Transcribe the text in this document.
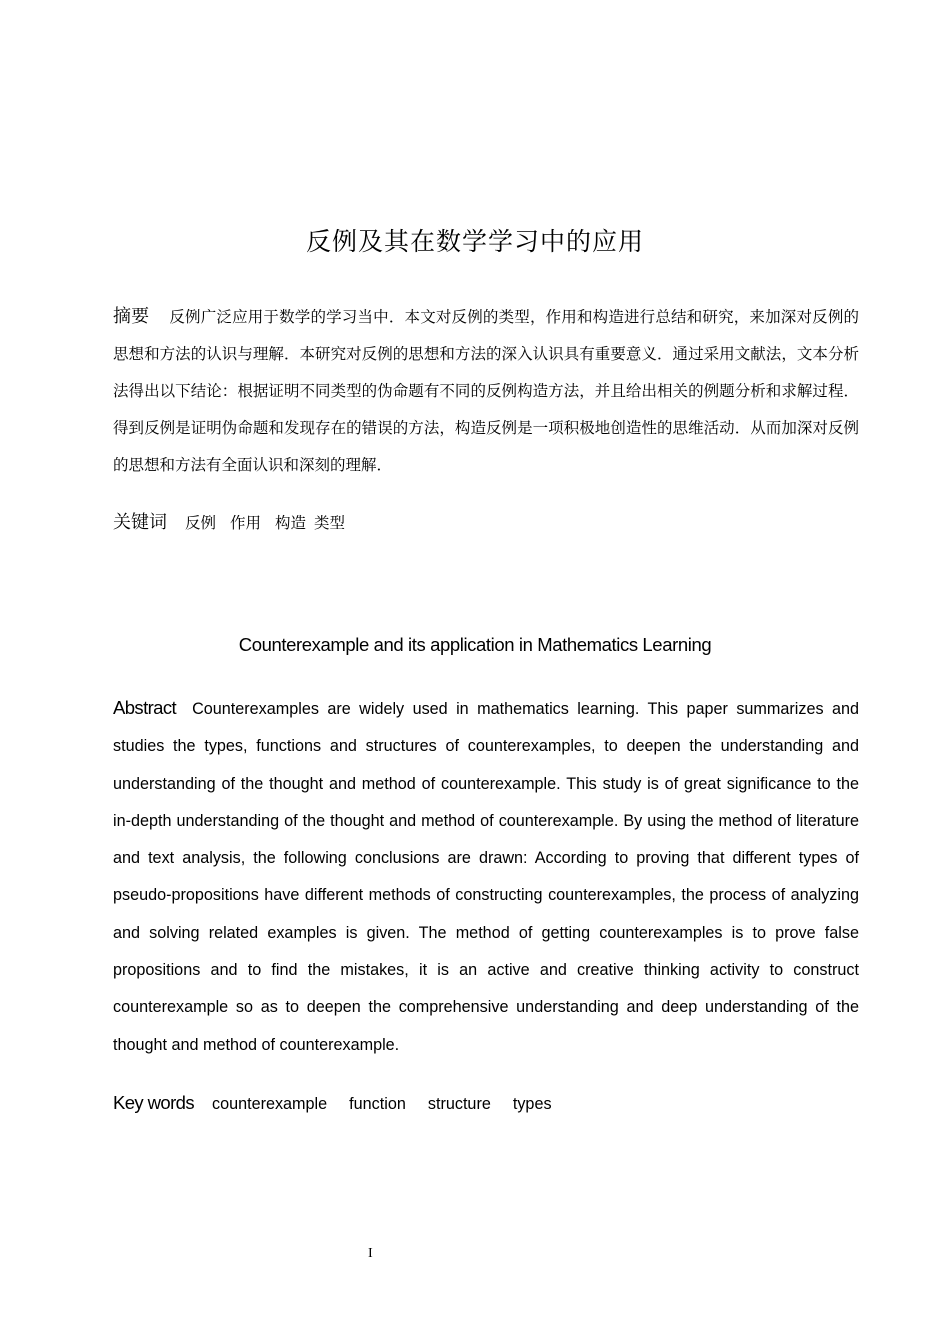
反例及其在数学学习中的应用

摘要 反例广泛应用于数学的学习当中．本文对反例的类型，作用和构造进行总结和研究，来加深对反例的思想和方法的认识与理解．本研究对反例的思想和方法的深入认识具有重要意义．通过采用文献法，文本分析法得出以下结论：根据证明不同类型的伪命题有不同的反例构造方法，并且给出相关的例题分析和求解过程．得到反例是证明伪命题和发现存在的错误的方法，构造反例是一项积极地创造性的思维活动．从而加深对反例的思想和方法有全面认识和深刻的理解．

关键词 反例 作用 构造 类型

Counterexample and its application in Mathematics Learning

Abstract Counterexamples are widely used in mathematics learning. This paper summarizes and studies the types, functions and structures of counterexamples, to deepen the understanding and understanding of the thought and method of counterexample. This study is of great significance to the in-depth understanding of the thought and method of counterexample. By using the method of literature and text analysis, the following conclusions are drawn: According to proving that different types of pseudo-propositions have different methods of constructing counterexamples, the process of analyzing and solving related examples is given. The method of getting counterexamples is to prove false propositions and to find the mistakes, it is an active and creative thinking activity to construct counterexample so as to deepen the comprehensive understanding and deep understanding of the thought and method of counterexample.

Key words counterexample function structure types

I
